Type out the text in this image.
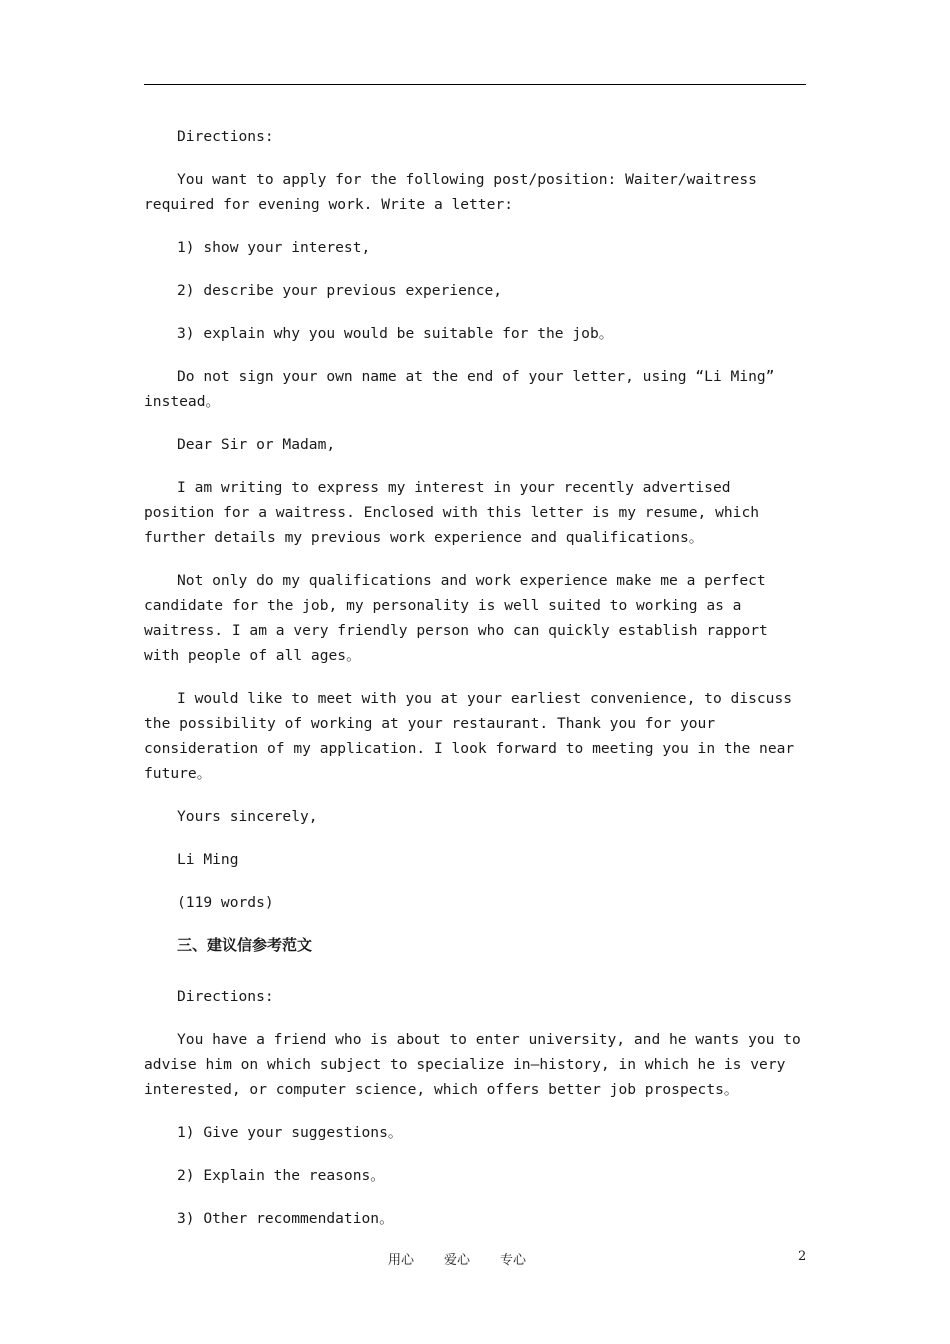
Directions:

You want to apply for the following post/position: Waiter/waitress required for evening work. Write a letter:

1) show your interest,

2) describe your previous experience,

3) explain why you would be suitable for the job。

Do not sign your own name at the end of your letter, using “Li Ming” instead。

Dear Sir or Madam,

I am writing to express my interest in your recently advertised position for a waitress. Enclosed with this letter is my resume, which further details my previous work experience and qualifications。

Not only do my qualifications and work experience make me a perfect candidate for the job, my personality is well suited to working as a waitress. I am a very friendly person who can quickly establish rapport with people of all ages。

I would like to meet with you at your earliest convenience, to discuss the possibility of working at your restaurant. Thank you for your consideration of my application. I look forward to meeting you in the near future。

Yours sincerely,

Li Ming

(119 words)

三、建议信参考范文

Directions:

You have a friend who is about to enter university, and he wants you to advise him on which subject to specialize in—history, in which he is very interested, or computer science, which offers better job prospects。

1) Give your suggestions。

2) Explain the reasons。

3) Other recommendation。

用心 爱心 专心	2
